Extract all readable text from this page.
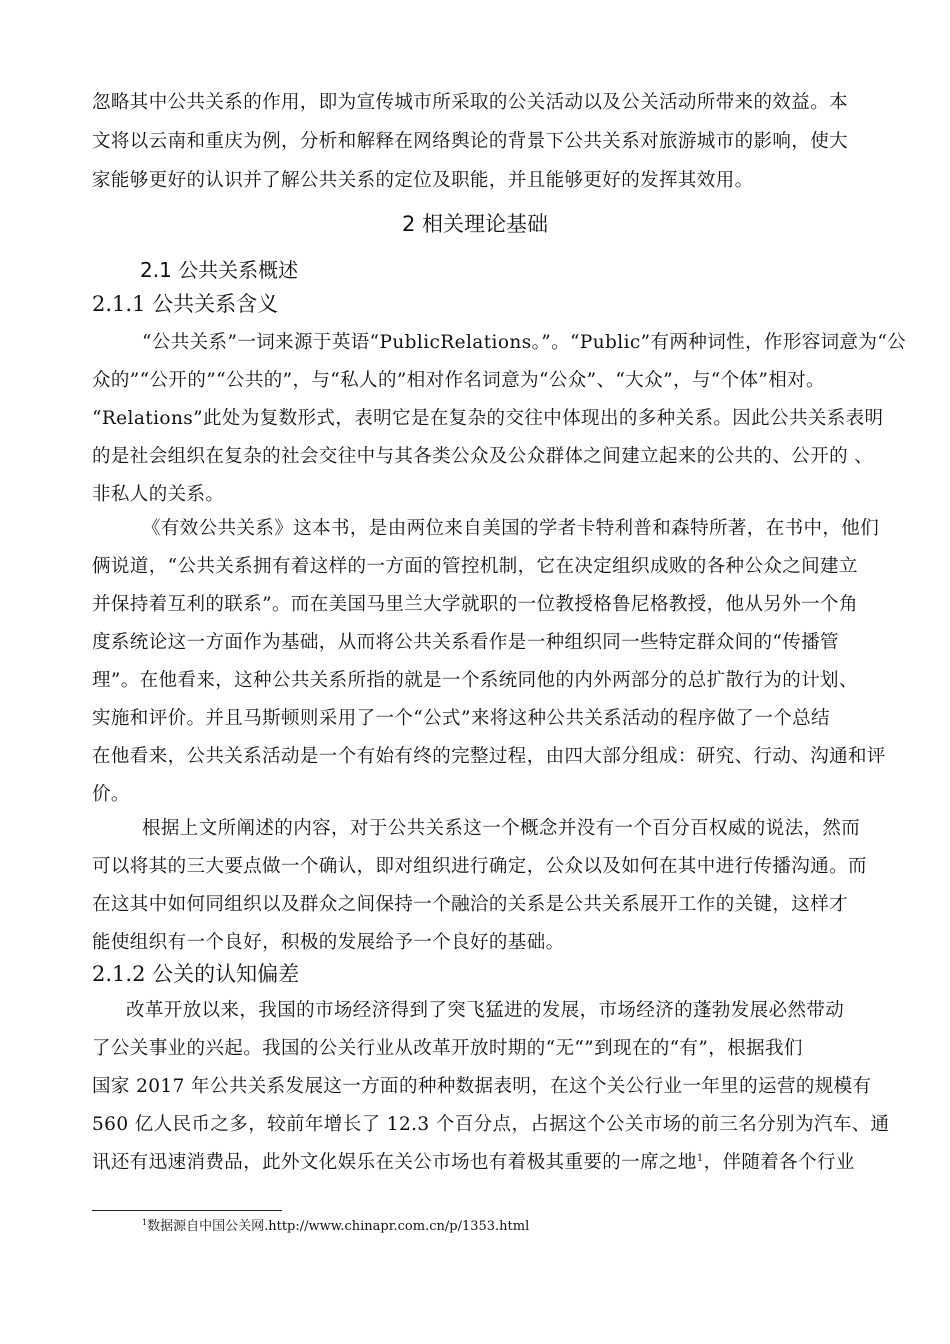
忽略其中公共关系的作用，即为宣传城市所采取的公关活动以及公关活动所带来的效益。本
文将以云南和重庆为例，分析和解释在网络舆论的背景下公共关系对旅游城市的影响，使大
家能够更好的认识并了解公共关系的定位及职能，并且能够更好的发挥其效用。
2 相关理论基础
2.1 公共关系概述
2.1.1 公共关系含义
“公共关系”一词来源于英语“PublicRelations。”。“Public”有两种词性，作形容词意为“公
众的”“公开的”“公共的”，与“私人的”相对作名词意为“公众”、“大众”，与“个体”相对。
“Relations”此处为复数形式，表明它是在复杂的交往中体现出的多种关系。因此公共关系表明
的是社会组织在复杂的社会交往中与其各类公众及公众群体之间建立起来的公共的、公开的 、
非私人的关系。
《有效公共关系》这本书，是由两位来自美国的学者卡特利普和森特所著，在书中，他们
俩说道，“公共关系拥有着这样的一方面的管控机制，它在决定组织成败的各种公众之间建立
并保持着互利的联系”。而在美国马里兰大学就职的一位教授格鲁尼格教授，他从另外一个角
度系统论这一方面作为基础，从而将公共关系看作是一种组织同一些特定群众间的“传播管
理”。在他看来，这种公共关系所指的就是一个系统同他的内外两部分的总扩散行为的计划、
实施和评价。并且马斯顿则采用了一个“公式”来将这种公共关系活动的程序做了一个总结
在他看来，公共关系活动是一个有始有终的完整过程，由四大部分组成：研究、行动、沟通和评
价。
根据上文所阐述的内容，对于公共关系这一个概念并没有一个百分百权威的说法，然而
可以将其的三大要点做一个确认，即对组织进行确定，公众以及如何在其中进行传播沟通。而
在这其中如何同组织以及群众之间保持一个融洽的关系是公共关系展开工作的关键，这样才
能使组织有一个良好，积极的发展给予一个良好的基础。
2.1.2 公关的认知偏差
改革开放以来，我国的市场经济得到了突飞猛进的发展，市场经济的蓬勃发展必然带动
了公关事业的兴起。我国的公关行业从改革开放时期的“无“”到现在的“有”，根据我们
国家 2017 年公共关系发展这一方面的种种数据表明，在这个关公行业一年里的运营的规模有
560 亿人民币之多，较前年增长了 12.3 个百分点，占据这个公关市场的前三名分别为汽车、通
讯还有迅速消费品，此外文化娱乐在关公市场也有着极其重要的一席之地$^1$，伴随着各个行业
$^1$数据源自中国公关网.http://www.chinapr.com.cn/p/1353.html
